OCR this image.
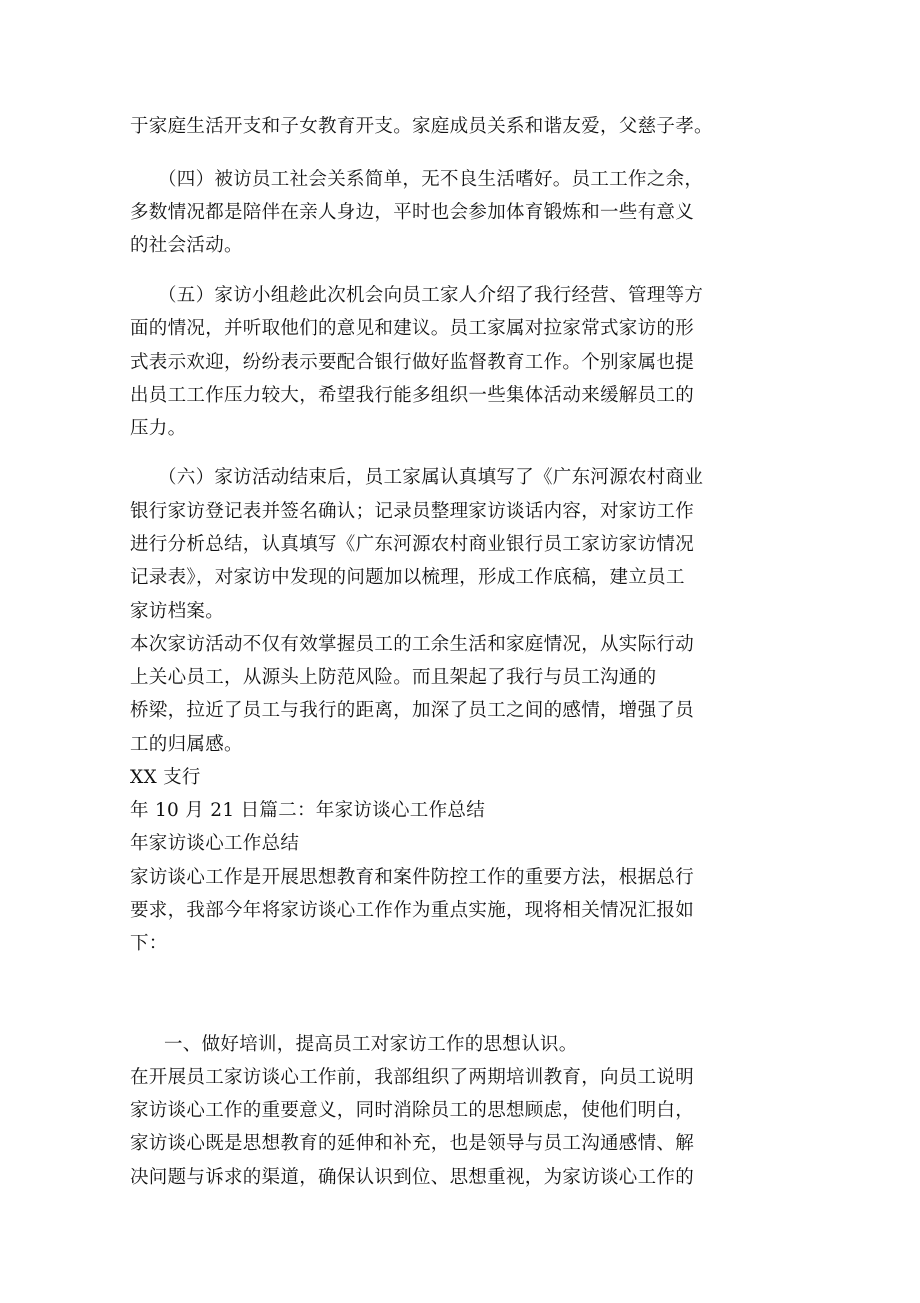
于家庭生活开支和子女教育开支。家庭成员关系和谐友爱，父慈子孝。
（四）被访员工社会关系简单，无不良生活嗜好。员工工作之余，
多数情况都是陪伴在亲人身边，平时也会参加体育锻炼和一些有意义
的社会活动。
（五）家访小组趁此次机会向员工家人介绍了我行经营、管理等方
面的情况，并听取他们的意见和建议。员工家属对拉家常式家访的形
式表示欢迎，纷纷表示要配合银行做好监督教育工作。个别家属也提
出员工工作压力较大，希望我行能多组织一些集体活动来缓解员工的
压力。
（六）家访活动结束后，员工家属认真填写了《广东河源农村商业
银行家访登记表并签名确认；记录员整理家访谈话内容，对家访工作
进行分析总结，认真填写《广东河源农村商业银行员工家访家访情况
记录表》，对家访中发现的问题加以梳理，形成工作底稿，建立员工
家访档案。
本次家访活动不仅有效掌握员工的工余生活和家庭情况，从实际行动
上关心员工，从源头上防范风险。而且架起了我行与员工沟通的
桥梁，拉近了员工与我行的距离，加深了员工之间的感情，增强了员
工的归属感。
XX 支行
年 10 月 21 日篇二：年家访谈心工作总结
年家访谈心工作总结
家访谈心工作是开展思想教育和案件防控工作的重要方法，根据总行
要求，我部今年将家访谈心工作作为重点实施，现将相关情况汇报如
下：
一、做好培训，提高员工对家访工作的思想认识。
在开展员工家访谈心工作前，我部组织了两期培训教育，向员工说明
家访谈心工作的重要意义，同时消除员工的思想顾虑，使他们明白，
家访谈心既是思想教育的延伸和补充，也是领导与员工沟通感情、解
决问题与诉求的渠道，确保认识到位、思想重视，为家访谈心工作的
